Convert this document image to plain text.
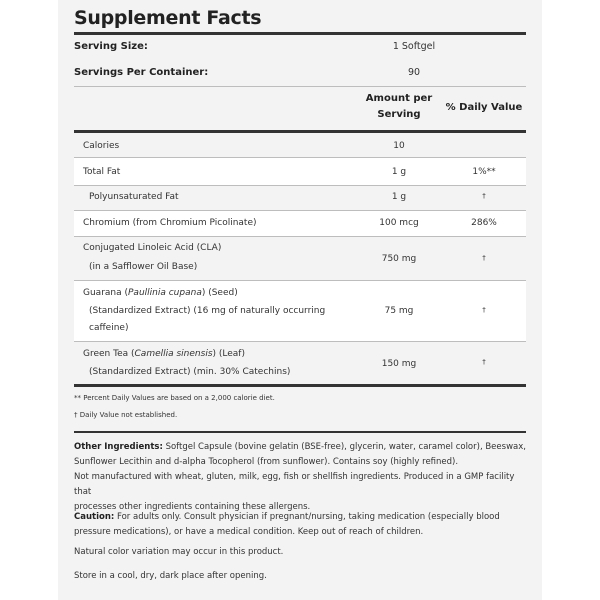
Supplement Facts
Serving Size:	1 Softgel
Servings Per Container:	90
Amount per
Serving
% Daily Value
Calories	10
Total Fat	1 g	1%**
Polyunsaturated Fat	1 g	†
Chromium (from Chromium Picolinate)	100 mcg	286%
Conjugated Linoleic Acid (CLA)
(in a Safflower Oil Base)
750 mg	†
Guarana (Paullinia cupana) (Seed)
(Standardized Extract) (16 mg of naturally occurring
caffeine)
75 mg	†
Green Tea (Camellia sinensis) (Leaf)
(Standardized Extract) (min. 30% Catechins)
150 mg	†
** Percent Daily Values are based on a 2,000 calorie diet.
† Daily Value not established.
Other Ingredients: Softgel Capsule (bovine gelatin (BSE-free), glycerin, water, caramel color), Beeswax,
Sunflower Lecithin and d-alpha Tocopherol (from sunflower). Contains soy (highly refined).
Not manufactured with wheat, gluten, milk, egg, fish or shellfish ingredients. Produced in a GMP facility that
processes other ingredients containing these allergens.
Caution: For adults only. Consult physician if pregnant/nursing, taking medication (especially blood
pressure medications), or have a medical condition. Keep out of reach of children.
Natural color variation may occur in this product.
Store in a cool, dry, dark place after opening.
